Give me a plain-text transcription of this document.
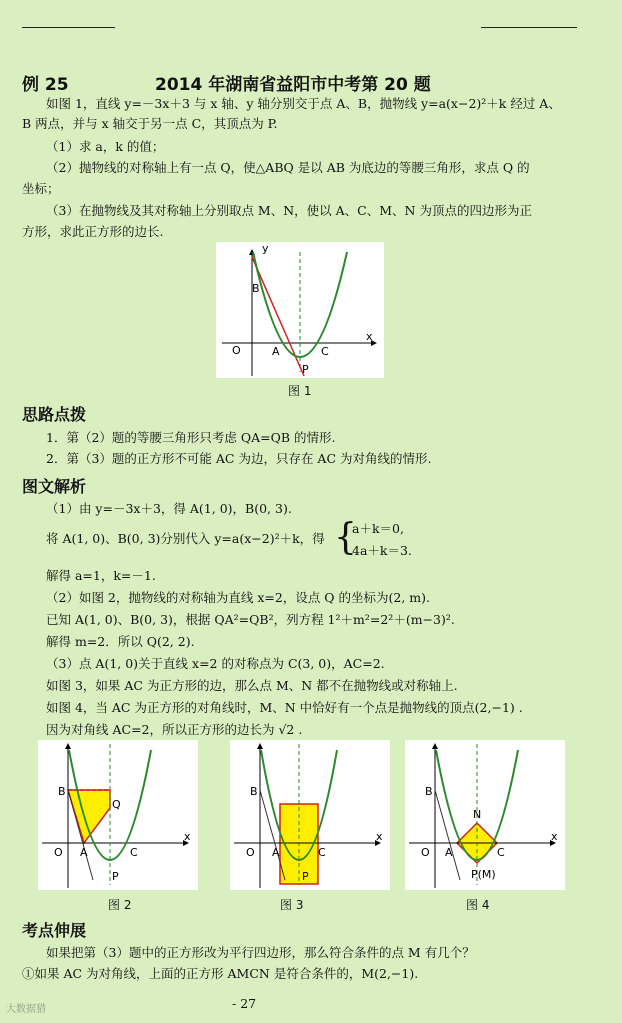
例 25	2014 年湖南省益阳市中考第 20 题
如图 1，直线 y=－3x＋3 与 x 轴、y 轴分别交于点 A、B，抛物线 y=a(x−2)²＋k 经过 A、
B 两点，并与 x 轴交于另一点 C，其顶点为 P.
（1）求 a，k 的值；
（2）抛物线的对称轴上有一点 Q，使△ABQ 是以 AB 为底边的等腰三角形，求点 Q 的
坐标；
（3）在抛物线及其对称轴上分别取点 M、N，使以 A、C、M、N 为顶点的四边形为正
方形，求此正方形的边长.
y
x
B
O	A	C
P
图 1
思路点拨
1．第（2）题的等腰三角形只考虑 QA=QB 的情形.
2．第（3）题的正方形不可能 AC 为边，只存在 AC 为对角线的情形.
图文解析
（1）由 y=－3x＋3，得 A(1, 0)，B(0, 3).
将 A(1, 0)、B(0, 3)分别代入 y=a(x−2)²＋k，得 {
a＋k＝0,
4a＋k＝3.
解得 a=1，k=－1.
（2）如图 2，抛物线的对称轴为直线 x=2，设点 Q 的坐标为(2, m).
已知 A(1, 0)、B(0, 3)，根据 QA²=QB²，列方程 1²＋m²=2²＋(m−3)².
解得 m=2．所以 Q(2, 2).
（3）点 A(1, 0)关于直线 x=2 的对称点为 C(3, 0)，AC=2.
如图 3，如果 AC 为正方形的边，那么点 M、N 都不在抛物线或对称轴上.
如图 4，当 AC 为正方形的对角线时，M、N 中恰好有一个点是抛物线的顶点(2,−1) .
因为对角线 AC=2，所以正方形的边长为 √2 .
B
Q
O A	C
P
x
B
O A	C
P
x
B
N
O A	C
P(M)
x
图 2	图 3	图 4
考点伸展
如果把第（3）题中的正方形改为平行四边形，那么符合条件的点 M 有几个？
①如果 AC 为对角线，上面的正方形 AMCN 是符合条件的，M(2,−1).
- 27
大数据猎
